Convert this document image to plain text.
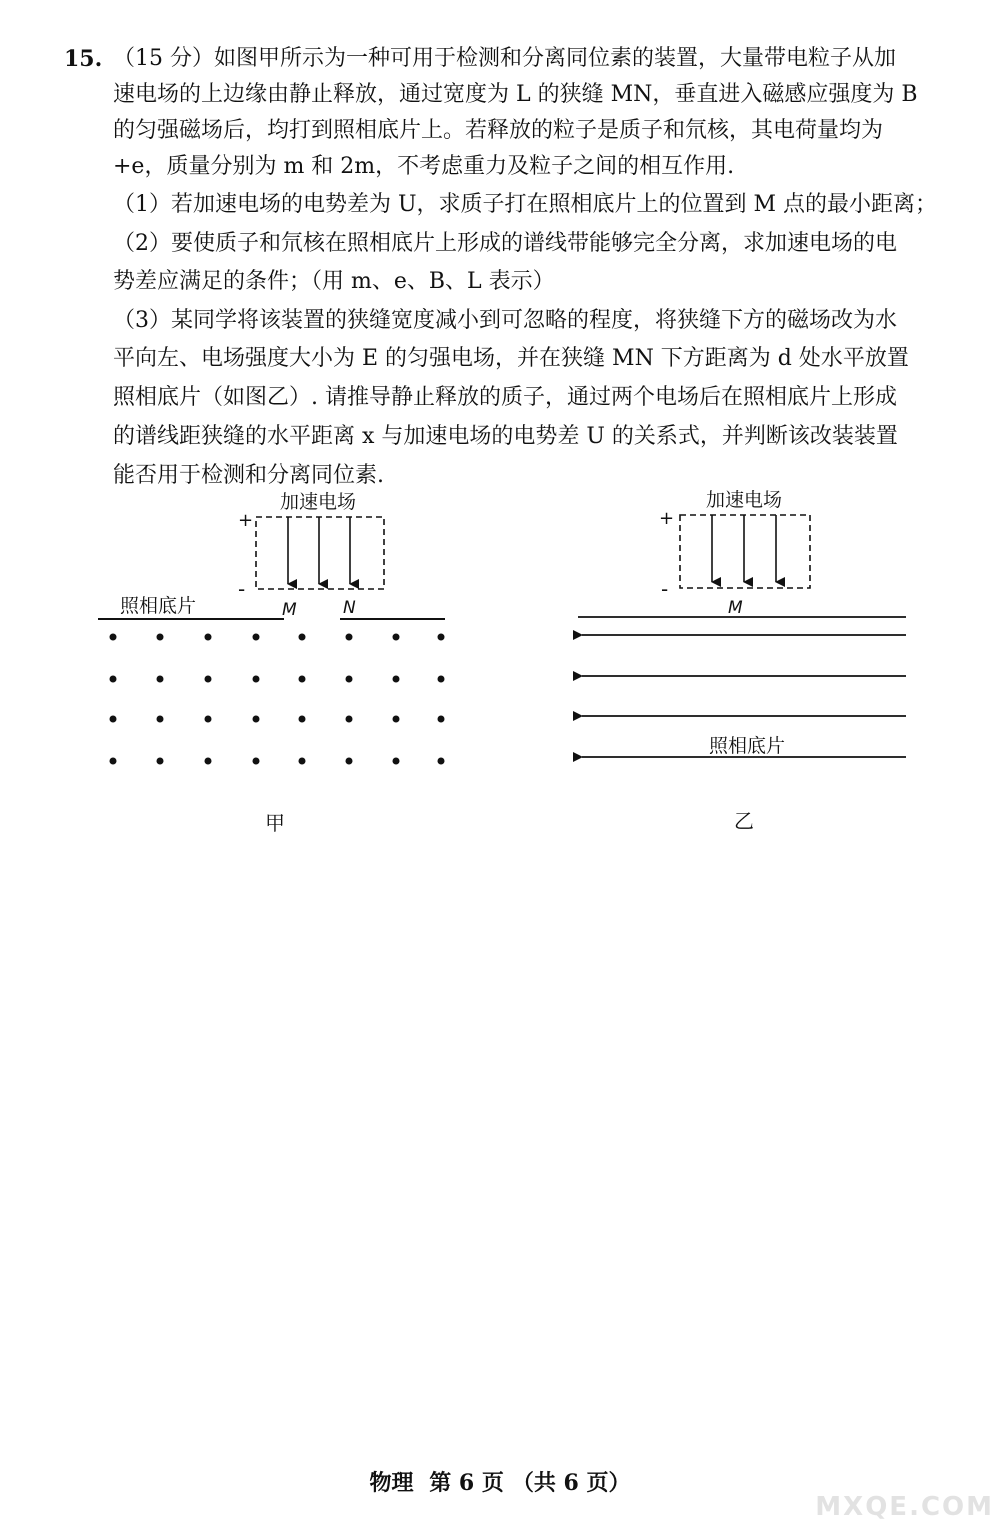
15. （15 分）如图甲所示为一种可用于检测和分离同位素的装置，大量带电粒子从加
速电场的上边缘由静止释放，通过宽度为 L 的狭缝 MN，垂直进入磁感应强度为 B
的匀强磁场后，均打到照相底片上。若释放的粒子是质子和氘核，其电荷量均为
+e，质量分别为 m 和 2m，不考虑重力及粒子之间的相互作用.
（1）若加速电场的电势差为 U，求质子打在照相底片上的位置到 M 点的最小距离；
（2）要使质子和氘核在照相底片上形成的谱线带能够完全分离，求加速电场的电
势差应满足的条件；（用 m、e、B、L 表示）
（3）某同学将该装置的狭缝宽度减小到可忽略的程度，将狭缝下方的磁场改为水
平向左、电场强度大小为 E 的匀强电场，并在狭缝 MN 下方距离为 d 处水平放置
照相底片（如图乙）. 请推导静止释放的质子，通过两个电场后在照相底片上形成
的谱线距狭缝的水平距离 x 与加速电场的电势差 U 的关系式，并判断该改装装置
能否用于检测和分离同位素.
加速电场
+
-
照相底片	M	N
甲
加速电场
+
-
M
照相底片
乙
物理 第 6 页 （共 6 页）
MXQE.COM
